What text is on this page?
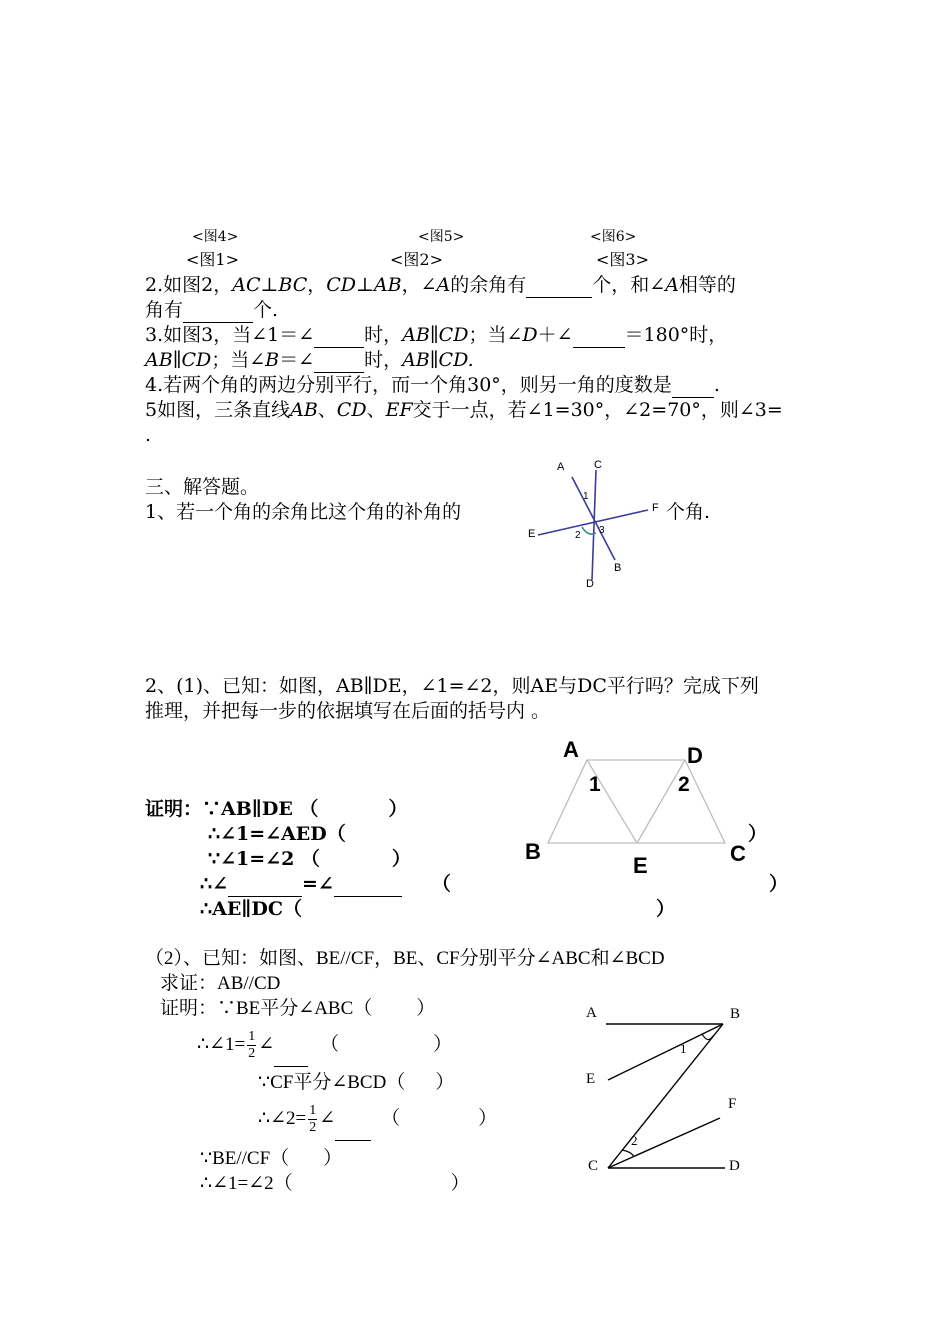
<图4>	<图5>	<图6>
<图1>	<图2>	<图3>
2.如图2，AC⊥BC，CD⊥AB，∠A的余角有	个，和∠A相等的
角有	个.
3.如图3，当∠1＝∠	时，AB∥CD；当∠D＋∠	＝180°时，
AB∥CD；当∠B＝∠	时，AB∥CD.
4.若两个角的两边分别平行，而一个角30°，则另一角的度数是 .
5如图，三条直线AB、CD、EF交于一点，若∠1=30°，∠2=70°，则∠3=
.
三、解答题。
1、若一个角的余角比这个角的补角的	个角.
A	C
F
E
B
D
1
2 3
2、(1)、已知：如图，AB∥DE，∠1=∠2，则AE与DC平行吗？完成下列
推理，并把每一步的依据填写在后面的括号内 。
A	D
B
E	C
1	2
证明：∵AB∥DE （	）
∴∠1=∠AED（	）
∵∠1=∠2 （	）
∴∠	=∠	（	）
∴AE∥DC（	）
（2）、已知：如图、BE//CF，BE、CF分别平分∠ABC和∠BCD
求证：AB//CD
证明：∵BE平分∠ABC（ ）
∴∠1= $\frac{1}{2}$ ∠ （	）
∵CF平分∠BCD（ ）
∴∠2= $\frac{1}{2}$ ∠ （	）
∵BE//CF（ ）
∴∠1=∠2（	）
A	B
E
F
C	D
1
2
